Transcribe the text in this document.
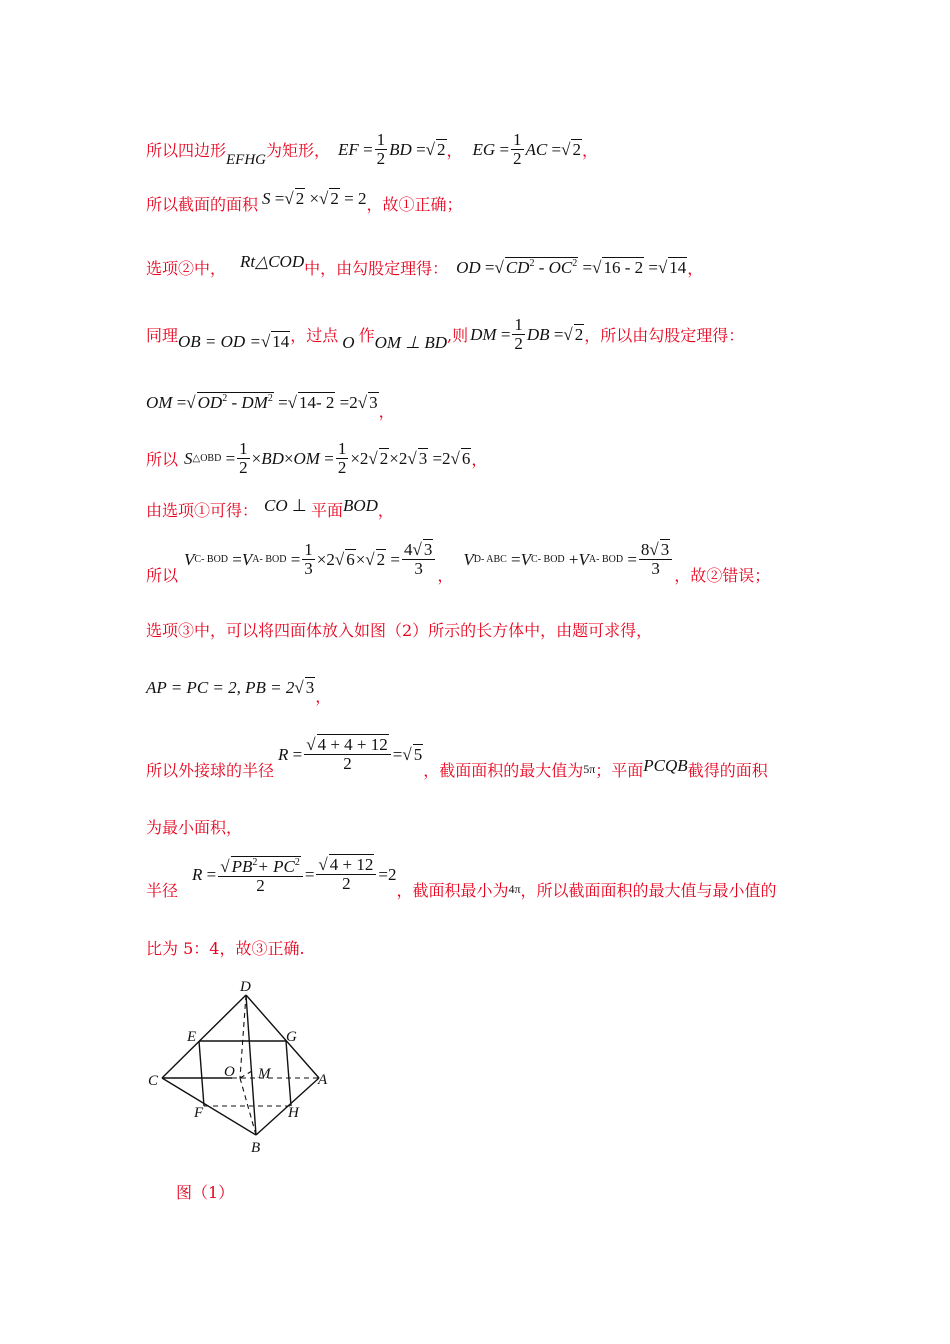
所以四边形 EFHG 为矩形， EF = $\frac{1}{2}$ BD =√ 2 ， EG = $\frac{1}{2}$ AC =√ 2 ，
所以截面的面积 S =√ 2 ×√ 2 = 2 ，故①正确；
选项②中， Rt △COD 中，由勾股定理得： OD =√ $CD^2 - OC^2$ =√ 16 - 2 =√ 14 ，
同理 OB = OD = √ 14 ，过点 O 作 OM ⊥ BD ,则 DM = $\frac{1}{2}$ DB =√ 2 ，所以由勾股定理得：
OM =√ $OD^2 - DM^2$ =√ 14- 2 =2√ 3 ，
所以 S △OBD = $\frac{1}{2}$ × BD × OM = $\frac{1}{2} \times 2√$ 2 ×2√ 3 =2√ 6 ，
由选项①可得： CO ⊥ 平面 BOD ，
所以
V C- BOD = V A- BOD = $\frac{1}{3} \times 2√$ 6 ×√ $2 = \frac{4√ 3}{3}$ ，
V D- ABC = V C- BOD + V A- BOD = $\frac{8√ 3}{3}$ ，故②错误；
选项③中，可以将四面体放入如图（2）所示的长方体中，由题可求得，
AP = PC = 2, PB = 2 √ 3 ，
所以外接球的半径
$R = \frac{√ 4 + 4 + 12}{2}$ =√ 5
，截面面积的最大值为 5π ；平面 PCQB 截得的面积
为最小面积，
半径
$R = \frac{√ PB^2+ PC^2}{2} = \frac{√ 4 + 12}{2} =2$
，截面积最小为 4π ，所以截面面积的最大值与最小值的
比为 5：4，故③正确.
D
E	G
C
O M	A
F	H
B
图（1）
